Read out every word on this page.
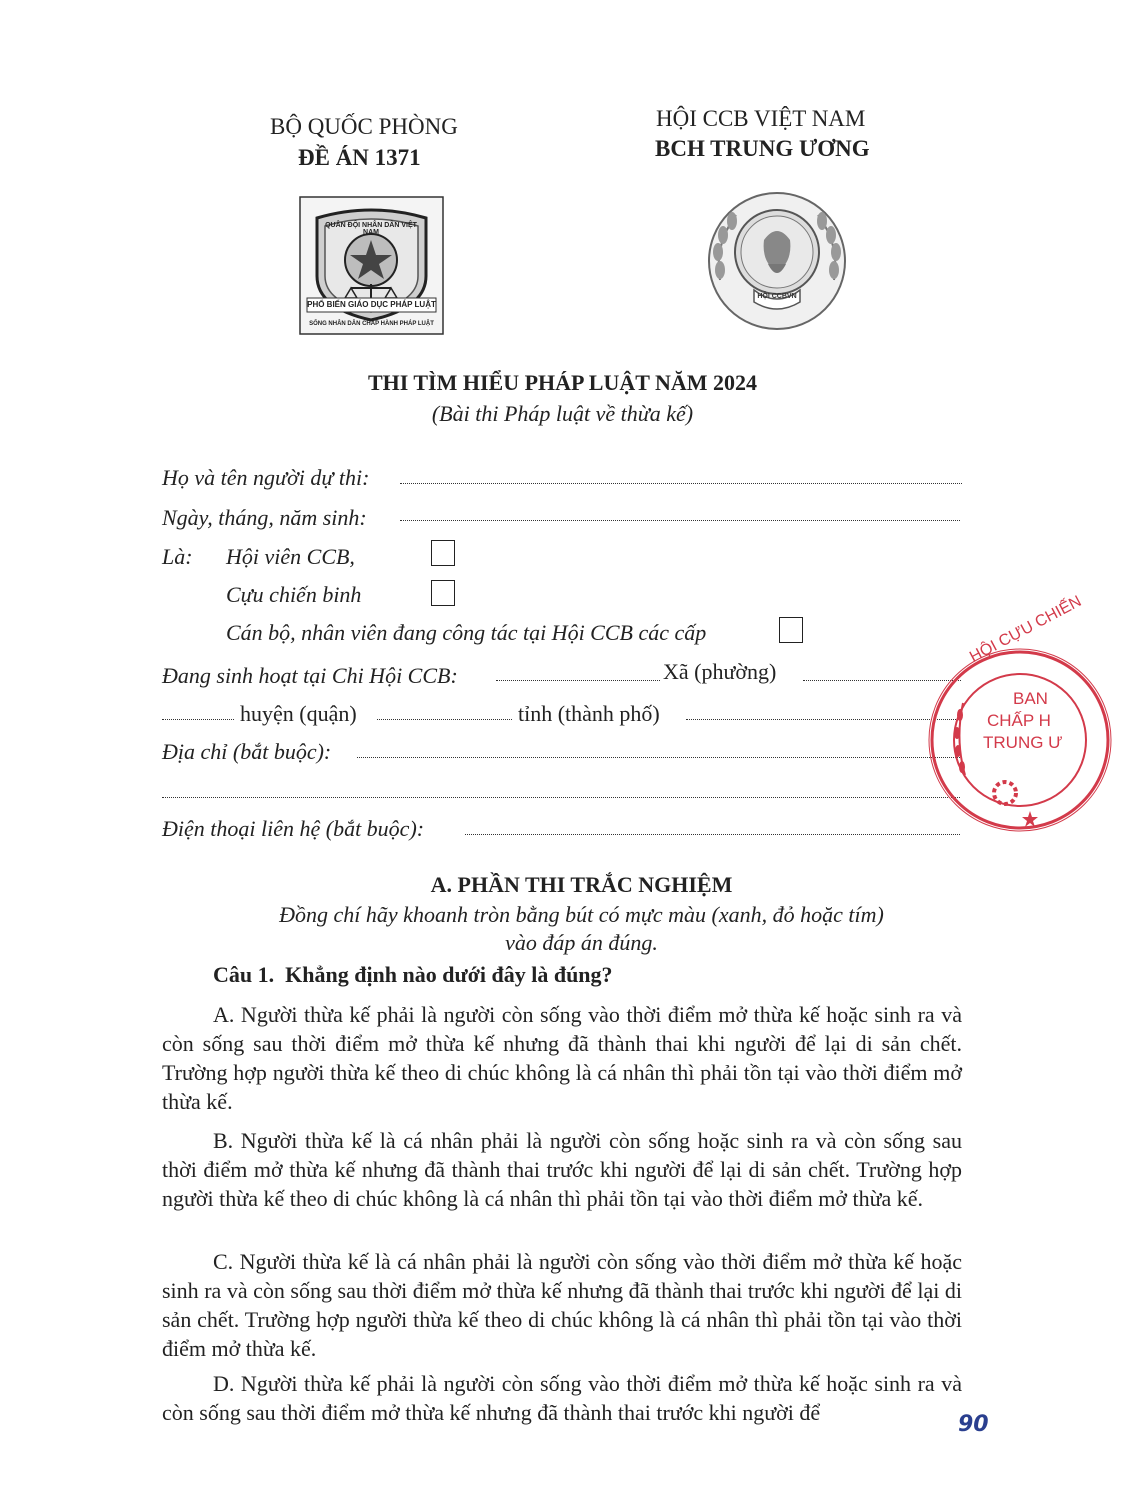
BỘ QUỐC PHÒNG
ĐỀ ÁN 1371
HỘI CCB VIỆT NAM
BCH TRUNG ƯƠNG
QUÂN ĐỘI NHÂN DÂN VIỆT NAM
PHỔ BIẾN GIÁO DỤC PHÁP LUẬT
SỐNG NHÂN DÂN CHẤP HÀNH PHÁP LUẬT
HỘI CCBVN
THI TÌM HIỂU PHÁP LUẬT NĂM 2024
(Bài thi Pháp luật về thừa kế)
Họ và tên người dự thi:
Ngày, tháng, năm sinh:
Là: Hội viên CCB,
Cựu chiến binh
Cán bộ, nhân viên đang công tác tại Hội CCB các cấp
Đang sinh hoạt tại Chi Hội CCB:	Xã (phường)
huyện (quận)	tỉnh (thành phố)
Địa chỉ (bắt buộc):
Điện thoại liên hệ (bắt buộc):
A. PHẦN THI TRẮC NGHIỆM
Đồng chí hãy khoanh tròn bằng bút có mực màu (xanh, đỏ hoặc tím)
vào đáp án đúng.
Câu 1. Khẳng định nào dưới đây là đúng?
A. Người thừa kế phải là người còn sống vào thời điểm mở thừa kế hoặc sinh ra và còn sống sau thời điểm mở thừa kế nhưng đã thành thai khi người để lại di sản chết. Trường hợp người thừa kế theo di chúc không là cá nhân thì phải tồn tại vào thời điểm mở thừa kế.
B. Người thừa kế là cá nhân phải là người còn sống hoặc sinh ra và còn sống sau thời điểm mở thừa kế nhưng đã thành thai trước khi người để lại di sản chết. Trường hợp người thừa kế theo di chúc không là cá nhân thì phải tồn tại vào thời điểm mở thừa kế.
C. Người thừa kế là cá nhân phải là người còn sống vào thời điểm mở thừa kế hoặc sinh ra và còn sống sau thời điểm mở thừa kế nhưng đã thành thai trước khi người để lại di sản chết. Trường hợp người thừa kế theo di chúc không là cá nhân thì phải tồn tại vào thời điểm mở thừa kế.
D. Người thừa kế phải là người còn sống vào thời điểm mở thừa kế hoặc sinh ra và còn sống sau thời điểm mở thừa kế nhưng đã thành thai trước khi người để	90
HỘI CỰU CHIẾN
BAN
CHẤP H
TRUNG Ư
